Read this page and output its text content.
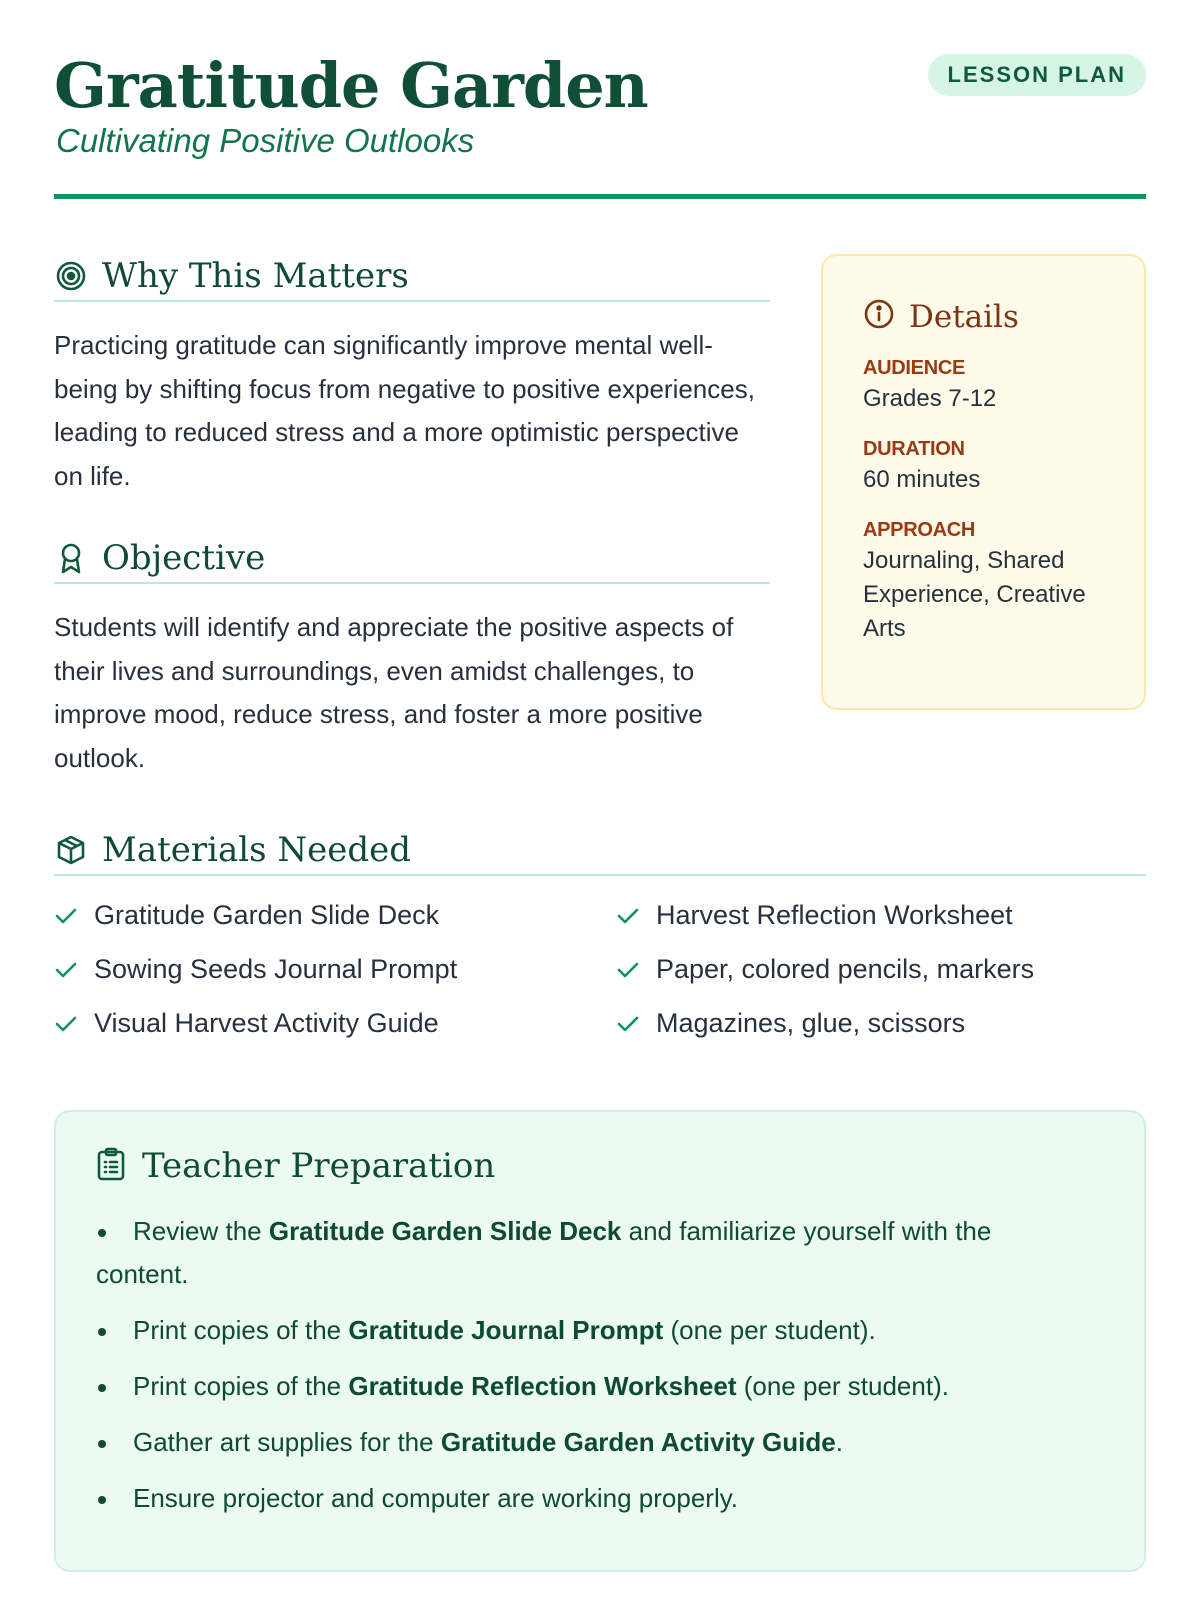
Gratitude Garden
Cultivating Positive Outlooks
LESSON PLAN
Why This Matters

Practicing gratitude can significantly improve mental well-being by shifting focus from negative to positive experiences, leading to reduced stress and a more optimistic perspective on life.

Objective

Students will identify and appreciate the positive aspects of their lives and surroundings, even amidst challenges, to improve mood, reduce stress, and foster a more positive outlook.

Details
AUDIENCE
Grades 7-12
DURATION
60 minutes
APPROACH
Journaling, Shared Experience, Creative Arts
Materials Needed
Gratitude Garden Slide Deck	Harvest Reflection Worksheet
Sowing Seeds Journal Prompt	Paper, colored pencils, markers
Visual Harvest Activity Guide	Magazines, glue, scissors
Teacher Preparation
Review the Gratitude Garden Slide Deck and familiarize yourself with the
content.
Print copies of the Gratitude Journal Prompt (one per student).
Print copies of the Gratitude Reflection Worksheet (one per student).
Gather art supplies for the Gratitude Garden Activity Guide.
Ensure projector and computer are working properly.
